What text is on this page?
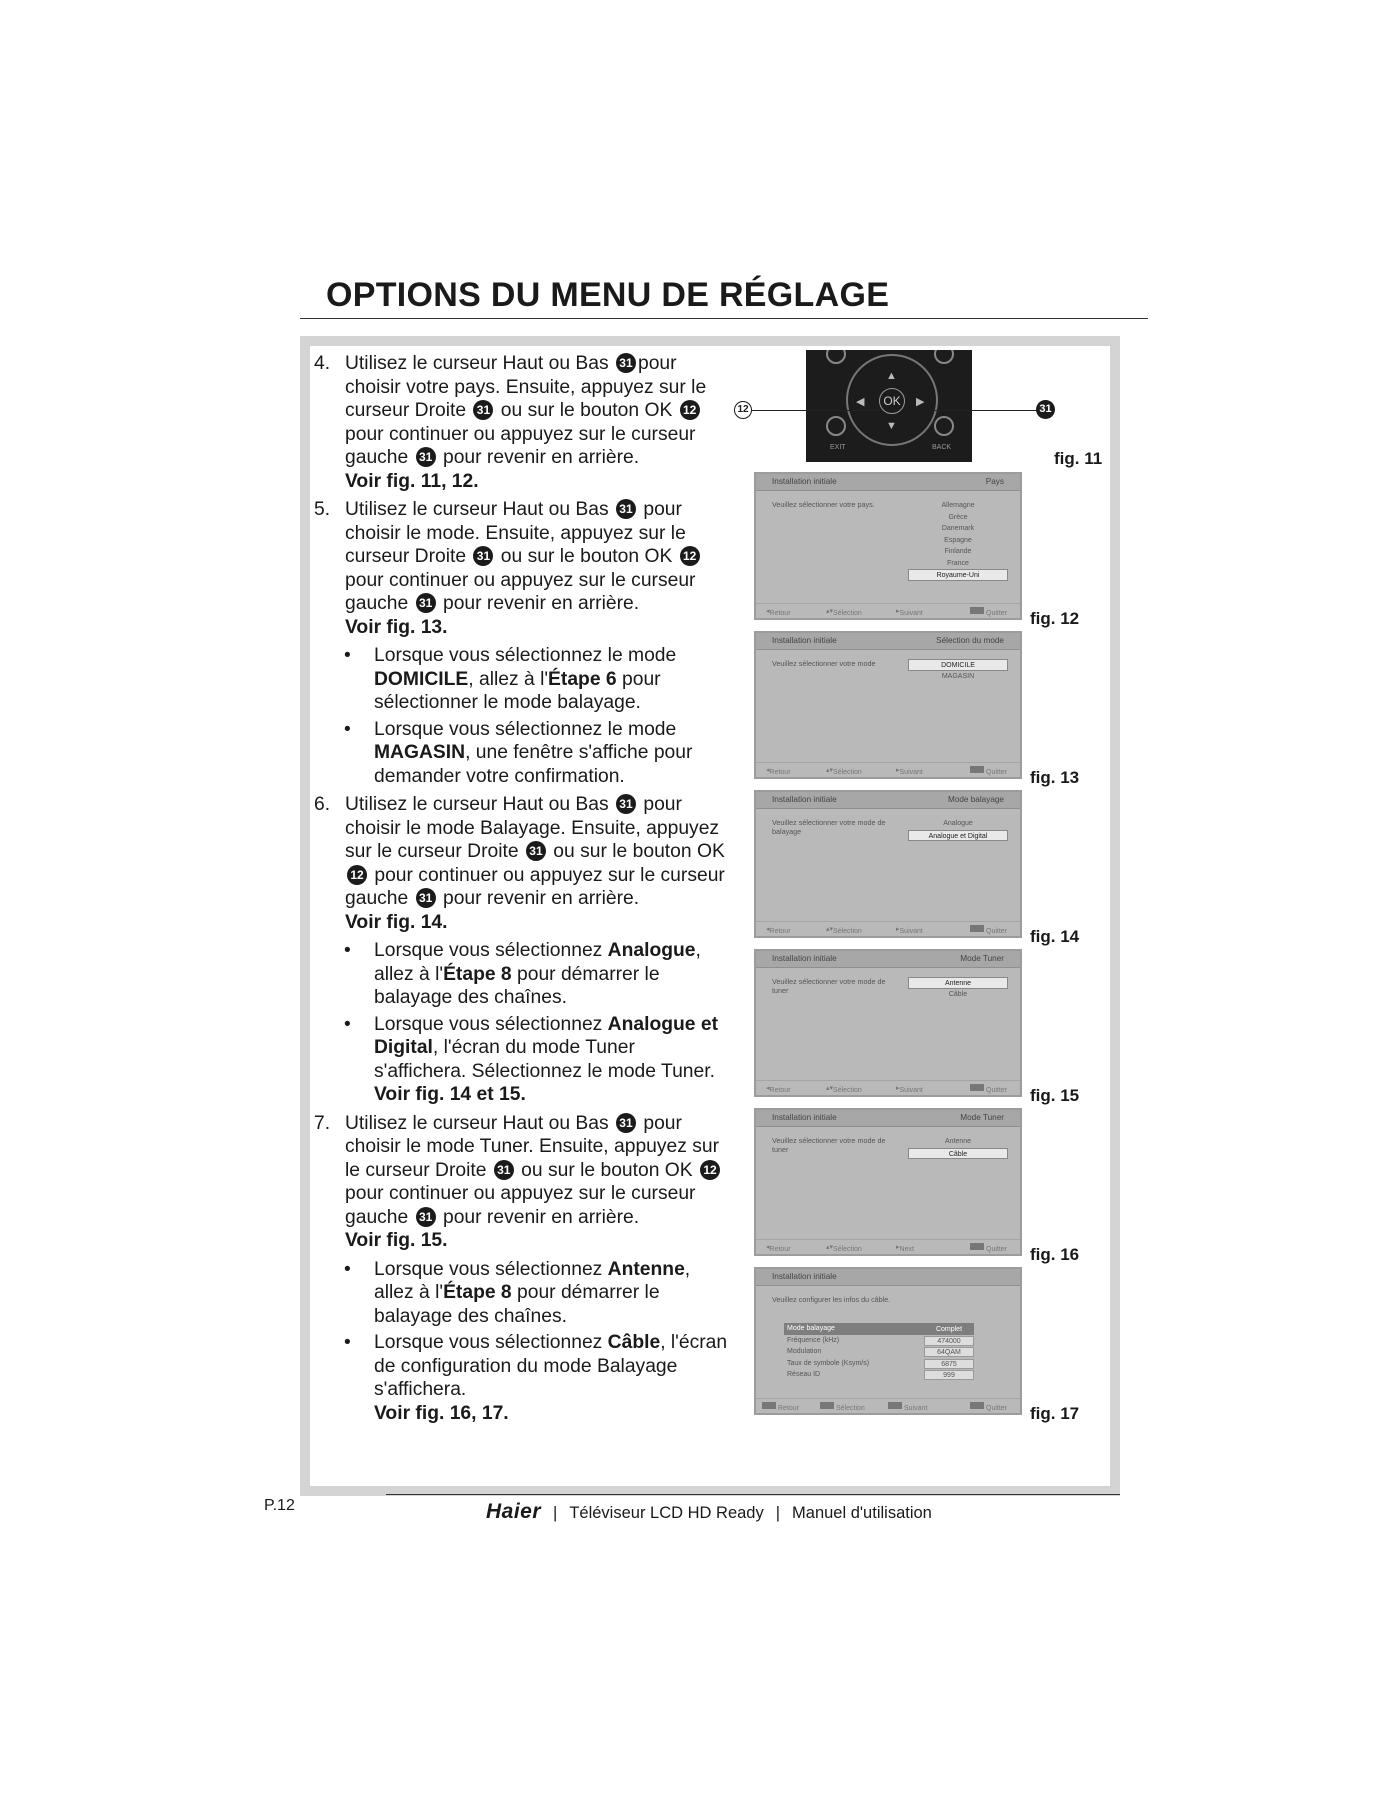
OPTIONS DU MENU DE RÉGLAGE
4. Utilisez le curseur Haut ou Bas 31 pour choisir votre pays. Ensuite, appuyez sur le curseur Droite 31 ou sur le bouton OK 12 pour continuer ou appuyez sur le curseur gauche 31 pour revenir en arrière.
Voir fig. 11, 12.
5. Utilisez le curseur Haut ou Bas 31 pour choisir le mode. Ensuite, appuyez sur le curseur Droite 31 ou sur le bouton OK 12 pour continuer ou appuyez sur le curseur gauche 31 pour revenir en arrière.
Voir fig. 13.
•	Lorsque vous sélectionnez le mode DOMICILE, allez à l'Étape 6 pour sélectionner le mode balayage.
•	Lorsque vous sélectionnez le mode MAGASIN, une fenêtre s'affiche pour demander votre confirmation.
6. Utilisez le curseur Haut ou Bas 31 pour choisir le mode Balayage. Ensuite, appuyez sur le curseur Droite 31 ou sur le bouton OK 12 pour continuer ou appuyez sur le curseur gauche 31 pour revenir en arrière.
Voir fig. 14.
•	Lorsque vous sélectionnez Analogue, allez à l'Étape 8 pour démarrer le balayage des chaînes.
•	Lorsque vous sélectionnez Analogue et Digital, l'écran du mode Tuner s'affichera. Sélectionnez le mode Tuner.
Voir fig. 14 et 15.
7. Utilisez le curseur Haut ou Bas 31 pour choisir le mode Tuner. Ensuite, appuyez sur le curseur Droite 31 ou sur le bouton OK 12 pour continuer ou appuyez sur le curseur gauche 31 pour revenir en arrière.
Voir fig. 15.
•	Lorsque vous sélectionnez Antenne, allez à l'Étape 8 pour démarrer le balayage des chaînes.
•	Lorsque vous sélectionnez Câble, l'écran de configuration du mode Balayage s'affichera.
Voir fig. 16, 17.
OK
▲
▼
◀	▶
EXIT	BACK
12	31
fig. 11
Installation initiale	Pays
Veuillez sélectionner votre pays.	Allemagne
Grèce
Danemark
Espagne
Finlande
France
Royaume-Uni
◂ Retour	▴▾ Sélection	▸ Suivant	Quitter fig. 12
Installation initiale	Sélection du mode
Veuillez sélectionner votre mode	DOMICILE
MAGASIN
◂ Retour	▴▾ Sélection	▸ Suivant	Quitter fig. 13
Installation initiale	Mode balayage
Veuillez sélectionner votre mode de balayage
Analogue
Analogue et Digital
◂ Retour	▴▾ Sélection	▸ Suivant	Quitter fig. 14
Installation initiale	Mode Tuner
Veuillez sélectionner votre mode de tuner
Antenne
Câble
◂ Retour	▴▾ Sélection	▸ Suivant	Quitter fig. 15
Installation initiale	Mode Tuner
Veuillez sélectionner votre mode de tuner
Antenne
Câble
◂ Retour	▴▾ Sélection	▸ Next	Quitter fig. 16
Installation initiale
Veuillez configurer les infos du câble.
Mode balayage	Complet
Fréquence (kHz)	474000
Modulation	64QAM
Taux de symbole (Ksym/s)	6875
Réseau ID	999
Retour	Sélection	Suivant	Quitter fig. 17
P.12	Haier | Téléviseur LCD HD Ready | Manuel d'utilisation
